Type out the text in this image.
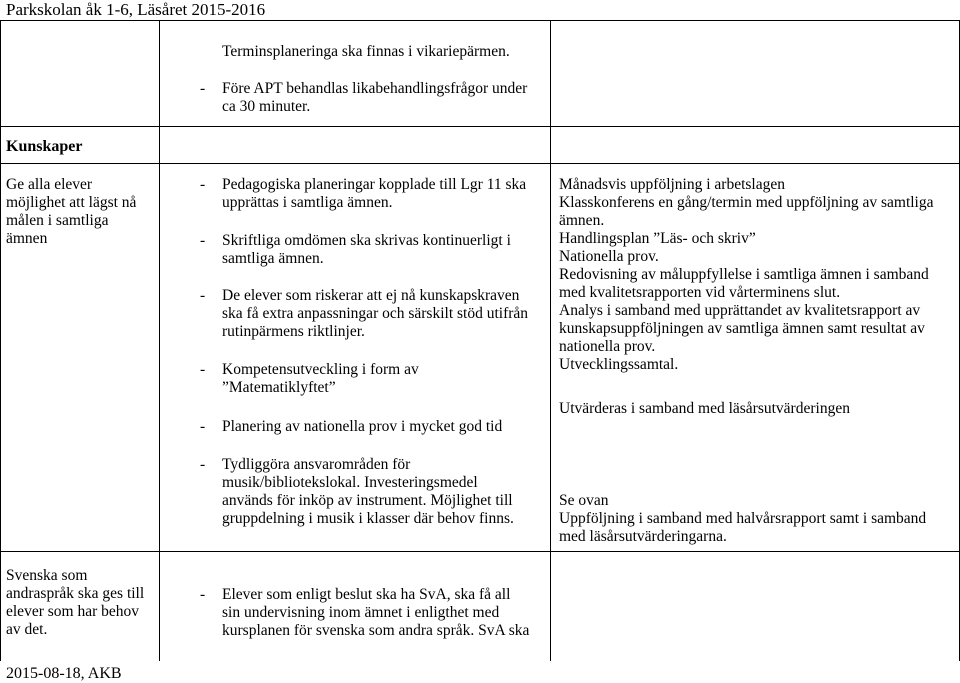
Parkskolan åk 1-6, Läsåret 2015-2016
Terminsplaneringa ska finnas i vikariepärmen.
- Före APT behandlas likabehandlingsfrågor under
ca 30 minuter.
Kunskaper
Ge alla elever
möjlighet att lägst nå
målen i samtliga
ämnen
- Pedagogiska planeringar kopplade till Lgr 11 ska
upprättas i samtliga ämnen.
- Skriftliga omdömen ska skrivas kontinuerligt i
samtliga ämnen.
- De elever som riskerar att ej nå kunskapskraven
ska få extra anpassningar och särskilt stöd utifrån
rutinpärmens riktlinjer.
- Kompetensutveckling i form av
”Matematiklyftet”
- Planering av nationella prov i mycket god tid
- Tydliggöra ansvarområden för
musik/bibliotekslokal. Investeringsmedel
används för inköp av instrument. Möjlighet till
gruppdelning i musik i klasser där behov finns.
Månadsvis uppföljning i arbetslagen
Klasskonferens en gång/termin med uppföljning av samtliga
ämnen.
Handlingsplan ”Läs- och skriv”
Nationella prov.
Redovisning av måluppfyllelse i samtliga ämnen i samband
med kvalitetsrapporten vid vårterminens slut.
Analys i samband med upprättandet av kvalitetsrapport av
kunskapsuppföljningen av samtliga ämnen samt resultat av
nationella prov.
Utvecklingssamtal.
Utvärderas i samband med läsårsutvärderingen
Se ovan
Uppföljning i samband med halvårsrapport samt i samband
med läsårsutvärderingarna.
Svenska som
andraspråk ska ges till
elever som har behov
av det.
- Elever som enligt beslut ska ha SvA, ska få all
sin undervisning inom ämnet i enligthet med
kursplanen för svenska som andra språk. SvA ska
2015-08-18, AKB
